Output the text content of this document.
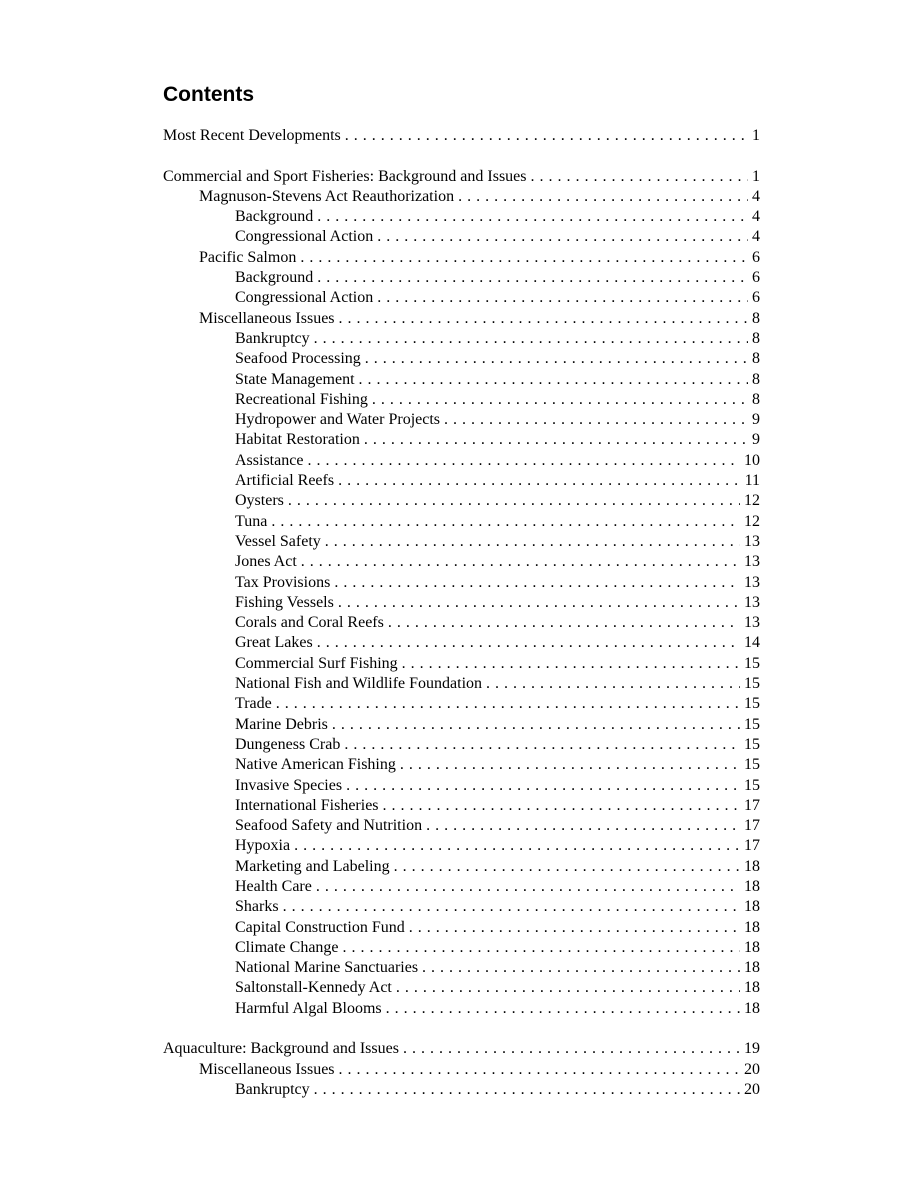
Contents
Most Recent Developments . . .	1
Commercial and Sport Fisheries: Background and Issues . . .	1
Magnuson-Stevens Act Reauthorization . . .	4
Background . . .	4
Congressional Action . . .	4
Pacific Salmon . . .	6
Background . . .	6
Congressional Action . . .	6
Miscellaneous Issues . . .	8
Bankruptcy . . .	8
Seafood Processing . . .	8
State Management . . .	8
Recreational Fishing . . .	8
Hydropower and Water Projects . . .	9
Habitat Restoration . . .	9
Assistance . . .	10
Artificial Reefs . . .	11
Oysters . . .	12
Tuna . . .	12
Vessel Safety . . .	13
Jones Act . . .	13
Tax Provisions . . .	13
Fishing Vessels . . .	13
Corals and Coral Reefs . . .	13
Great Lakes . . .	14
Commercial Surf Fishing . . .	15
National Fish and Wildlife Foundation . . .	15
Trade . . .	15
Marine Debris . . .	15
Dungeness Crab . . .	15
Native American Fishing . . .	15
Invasive Species . . .	15
International Fisheries . . .	17
Seafood Safety and Nutrition . . .	17
Hypoxia . . .	17
Marketing and Labeling . . .	18
Health Care . . .	18
Sharks . . .	18
Capital Construction Fund . . .	18
Climate Change . . .	18
National Marine Sanctuaries . . .	18
Saltonstall-Kennedy Act . . .	18
Harmful Algal Blooms . . .	18
Aquaculture: Background and Issues . . .	19
Miscellaneous Issues . . .	20
Bankruptcy . . .	20
